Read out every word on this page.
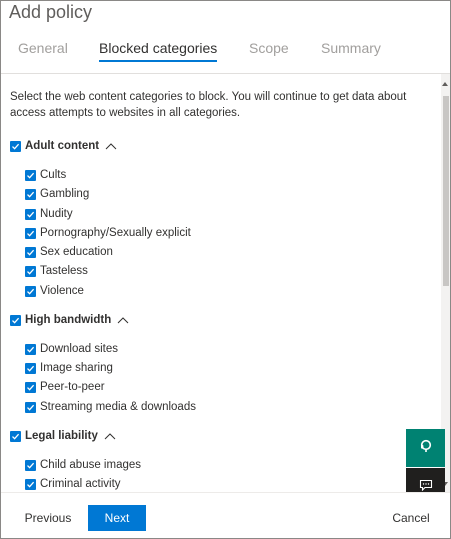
Add policy
General Blocked categories Scope Summary
Select the web content categories to block. You will continue to get data about access attempts to websites in all categories.
Adult content
Cults
Gambling
Nudity
Pornography/Sexually explicit
Sex education
Tasteless
Violence
High bandwidth
Download sites
Image sharing
Peer-to-peer
Streaming media & downloads
Legal liability
Child abuse images
Criminal activity
Previous	Next	Cancel
